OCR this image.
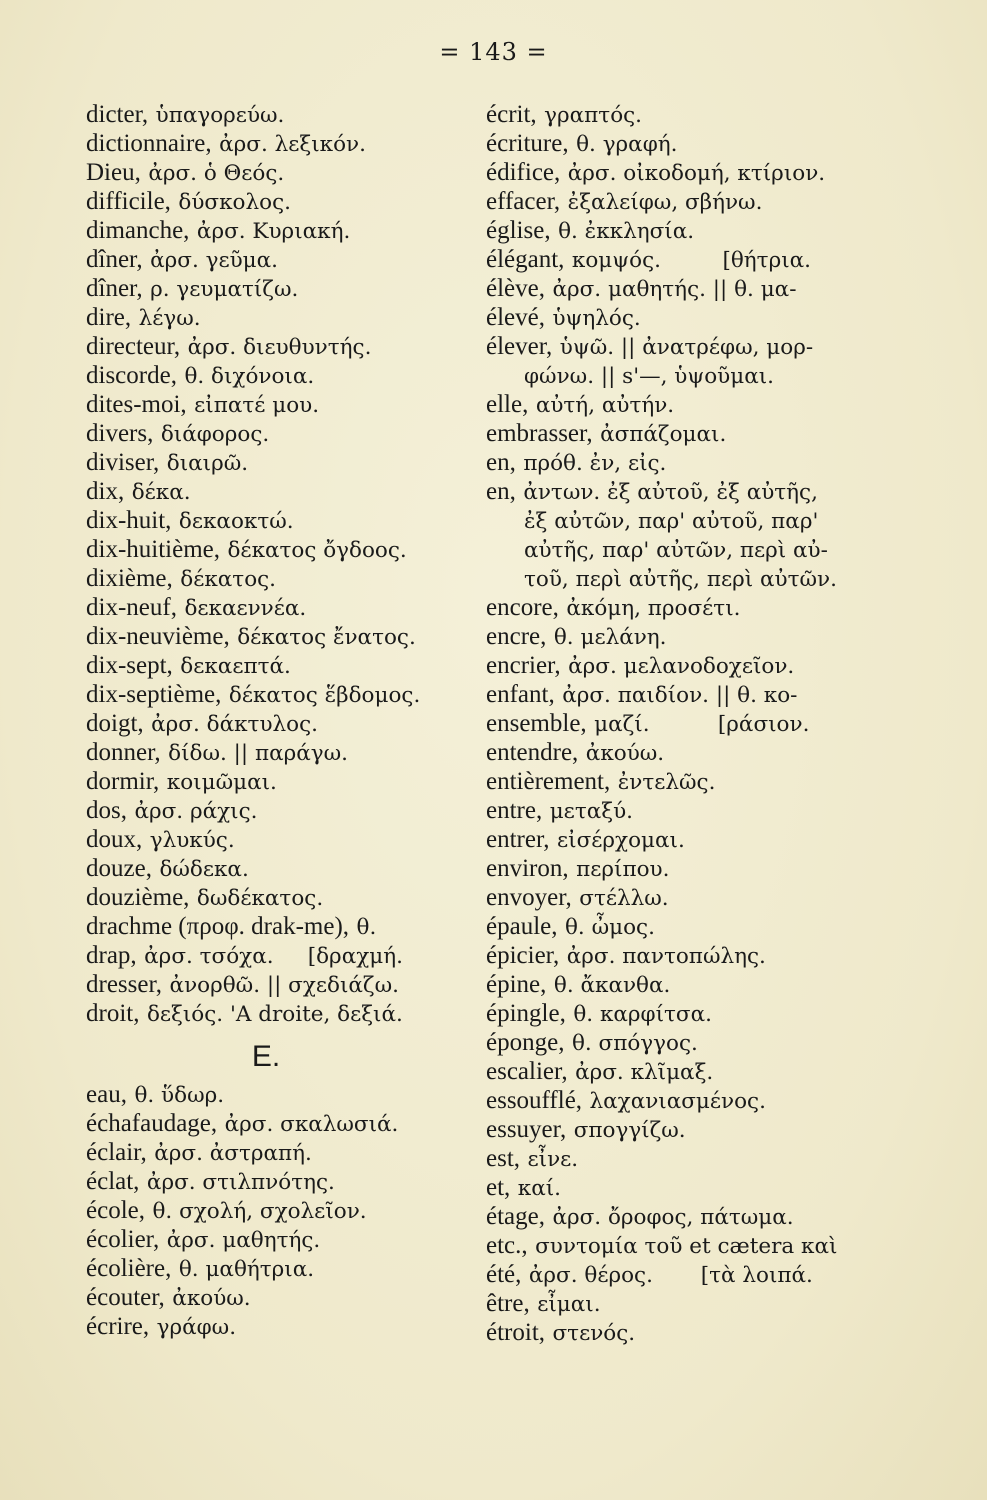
= 143 =
dicter, ὑπαγορεύω.
dictionnaire, ἀρσ. λεξικόν.
Dieu, ἀρσ. ὁ Θεός.
difficile, δύσκολος.
dimanche, ἀρσ. Κυριακή.
dîner, ἀρσ. γεῦμα.
dîner, ρ. γευματίζω.
dire, λέγω.
directeur, ἀρσ. διευθυντής.
discorde, θ. διχόνοια.
dites-moi, εἰπατέ μου.
divers, διάφορος.
diviser, διαιρῶ.
dix, δέκα.
dix-huit, δεκαοκτώ.
dix-huitième, δέκατος ὄγδοος.
dixième, δέκατος.
dix-neuf, δεκαεννέα.
dix-neuvième, δέκατος ἔνατος.
dix-sept, δεκαεπτά.
dix-septième, δέκατος ἕβδομος.
doigt, ἀρσ. δάκτυλος.
donner, δίδω. || παράγω.
dormir, κοιμῶμαι.
dos, ἀρσ. ράχις.
doux, γλυκύς.
douze, δώδεκα.
douzième, δωδέκατος.
drachme (προφ. drak-me), θ.
drap, ἀρσ. τσόχα.     [δραχμή.
dresser, ἀνορθῶ. || σχεδιάζω.
droit, δεξιός. 'A droite, δεξιά.
E.
eau, θ. ὕδωρ.
échafaudage, ἀρσ. σκαλωσιά.
éclair, ἀρσ. ἀστραπή.
éclat, ἀρσ. στιλπνότης.
école, θ. σχολή, σχολεῖον.
écolier, ἀρσ. μαθητής.
écolière, θ. μαθήτρια.
écouter, ἀκούω.
écrire, γράφω.
écrit, γραπτός.
écriture, θ. γραφή.
édifice, ἀρσ. οἰκοδομή, κτίριον.
effacer, ἐξαλείφω, σβήνω.
église, θ. ἐκκλησία.
élégant, κομψός.         [θήτρια.
élève, ἀρσ. μαθητής. || θ. μα-
élevé, ὑψηλός.
élever, ὑψῶ. || ἀνατρέφω, μορ-
φώνω. || s'—, ὑψοῦμαι.
elle, αὐτή, αὐτήν.
embrasser, ἀσπάζομαι.
en, πρόθ. ἐν, εἰς.
en, ἀντων. ἐξ αὐτοῦ, ἐξ αὐτῆς,
ἐξ αὐτῶν, παρ' αὐτοῦ, παρ'
αὐτῆς, παρ' αὐτῶν, περὶ αὐ-
τοῦ, περὶ αὐτῆς, περὶ αὐτῶν.
encore, ἀκόμη, προσέτι.
encre, θ. μελάνη.
encrier, ἀρσ. μελανοδοχεῖον.
enfant, ἀρσ. παιδίον. || θ. κο-
ensemble, μαζί.          [ράσιον.
entendre, ἀκούω.
entièrement, ἐντελῶς.
entre, μεταξύ.
entrer, εἰσέρχομαι.
environ, περίπου.
envoyer, στέλλω.
épaule, θ. ὦμος.
épicier, ἀρσ. παντοπώλης.
épine, θ. ἄκανθα.
épingle, θ. καρφίτσα.
éponge, θ. σπόγγος.
escalier, ἀρσ. κλῖμαξ.
essoufflé, λαχανιασμένος.
essuyer, σπογγίζω.
est, εἶνε.
et, καί.
étage, ἀρσ. ὄροφος, πάτωμα.
etc., συντομία τοῦ et cætera καὶ
été, ἀρσ. θέρος.       [τὰ λοιπά.
être, εἶμαι.
étroit, στενός.
